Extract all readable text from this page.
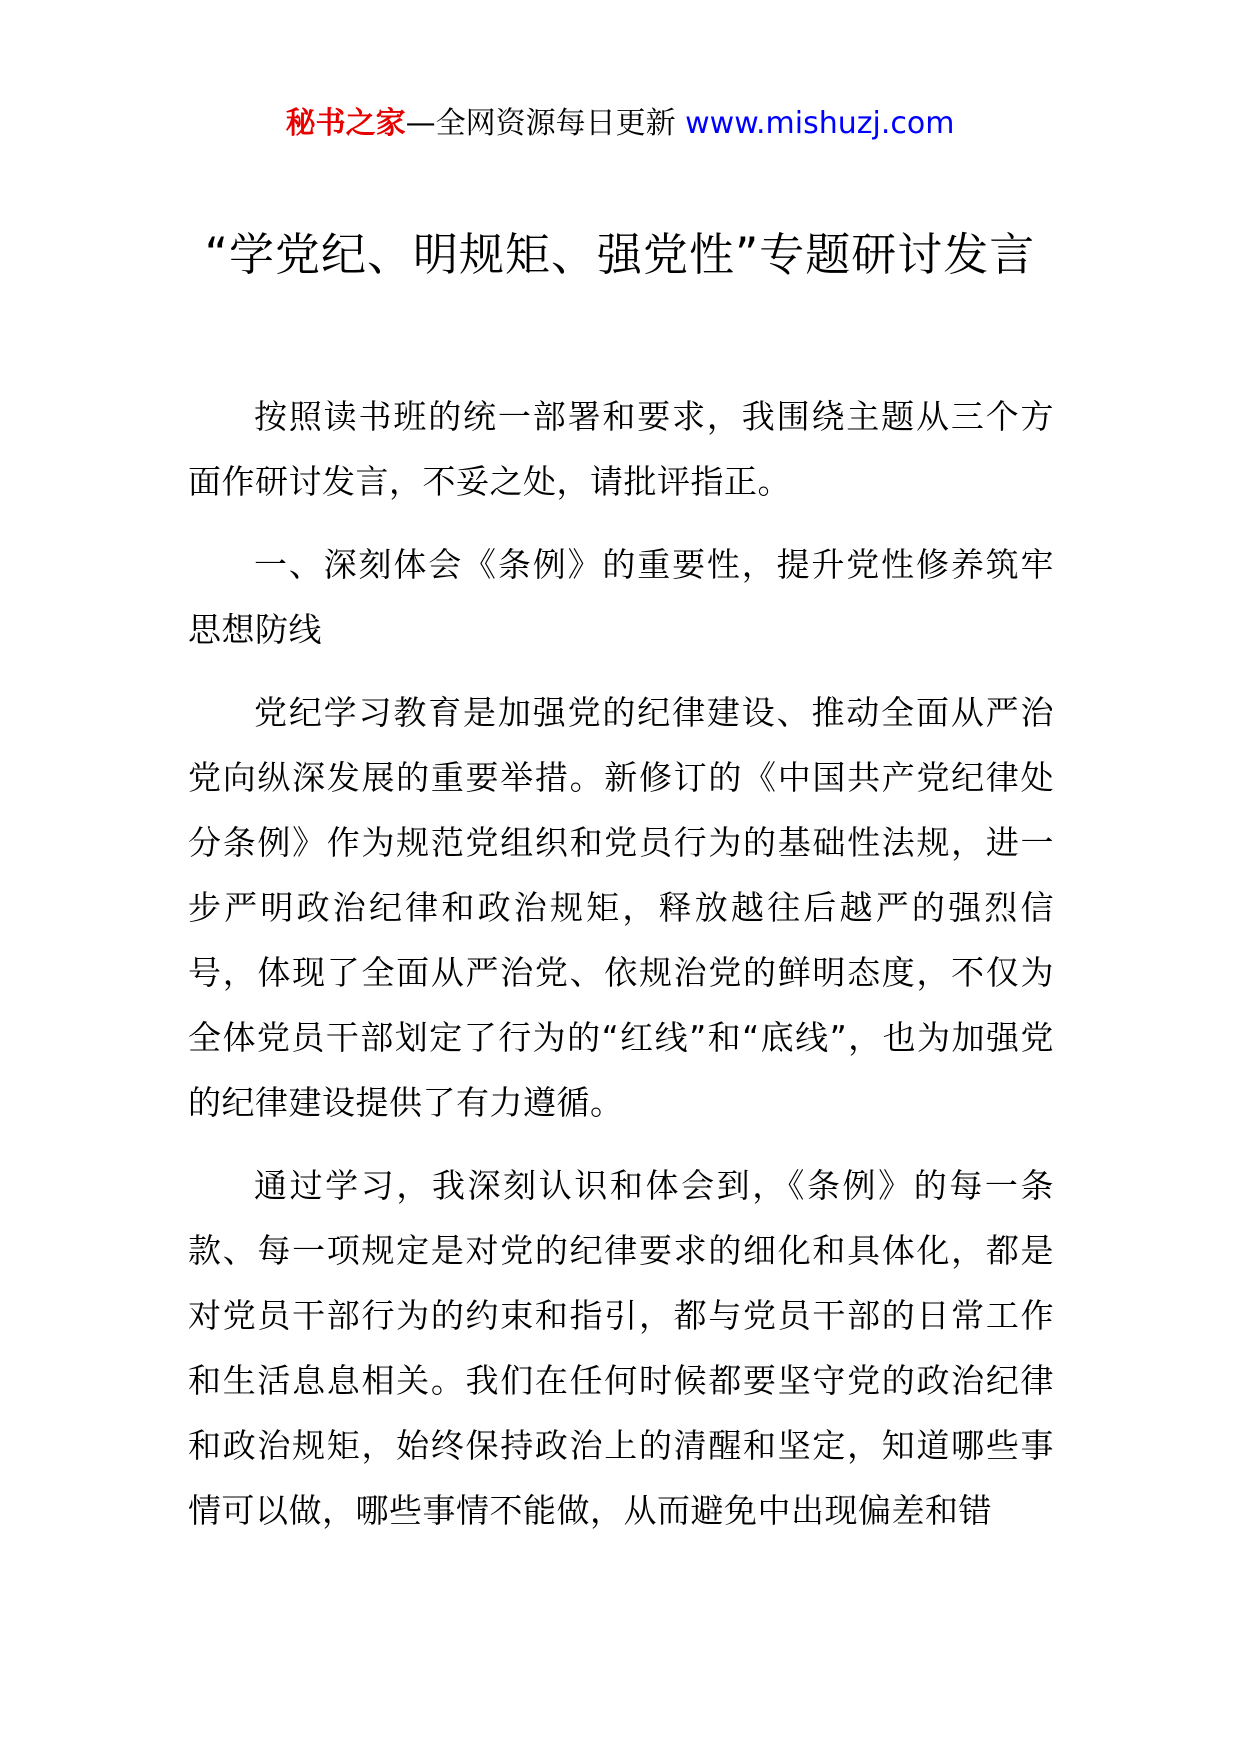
秘书之家—全网资源每日更新 www.mishuzj.com
“学党纪、明规矩、强党性”专题研讨发言

按照读书班的统一部署和要求，我围绕主题从三个方面作研讨发言，不妥之处，请批评指正。

一、深刻体会《条例》的重要性，提升党性修养筑牢思想防线

党纪学习教育是加强党的纪律建设、推动全面从严治党向纵深发展的重要举措。新修订的《中国共产党纪律处分条例》作为规范党组织和党员行为的基础性法规，进一步严明政治纪律和政治规矩，释放越往后越严的强烈信号，体现了全面从严治党、依规治党的鲜明态度，不仅为全体党员干部划定了行为的“红线”和“底线”，也为加强党的纪律建设提供了有力遵循。

通过学习，我深刻认识和体会到，《条例》的每一条款、每一项规定是对党的纪律要求的细化和具体化，都是对党员干部行为的约束和指引，都与党员干部的日常工作和生活息息相关。我们在任何时候都要坚守党的政治纪律和政治规矩，始终保持政治上的清醒和坚定，知道哪些事情可以做，哪些事情不能做，从而避免中出现偏差和错
